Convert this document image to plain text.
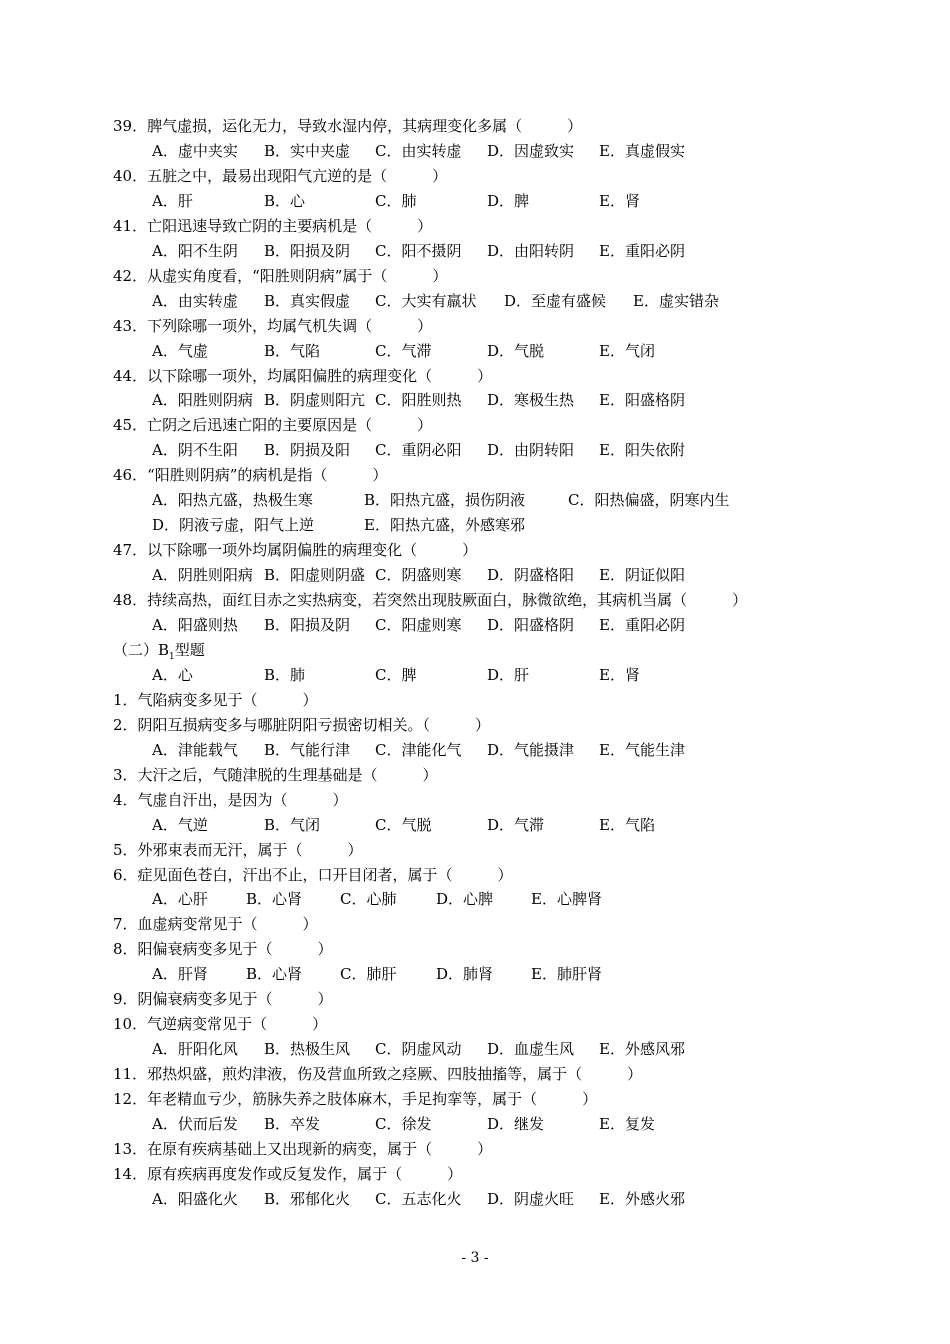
39．脾气虚损，运化无力，导致水湿内停，其病理变化多属（　　　）
A．虚中夹实 B．实中夹虚 C．由实转虚 D．因虚致实 E．真虚假实
40．五脏之中，最易出现阳气亢逆的是（　　　）
A．肝	B．心	C．肺	D．脾	E．肾
41．亡阳迅速导致亡阴的主要病机是（　　　）
A．阳不生阴 B．阳损及阴 C．阳不摄阴 D．由阳转阴 E．重阳必阴
42．从虚实角度看，“阳胜则阴病”属于（　　　）
A．由实转虚 B．真实假虚 C．大实有羸状 D．至虚有盛候 E．虚实错杂
43．下列除哪一项外，均属气机失调（　　　）
A．气虚	B．气陷	C．气滞	D．气脱	E．气闭
44．以下除哪一项外，均属阳偏胜的病理变化（　　　）
A．阳胜则阴病 B．阴虚则阳亢 C．阳胜则热 D．寒极生热 E．阳盛格阴
45．亡阴之后迅速亡阳的主要原因是（　　　）
A．阴不生阳 B．阴损及阳 C．重阴必阳 D．由阴转阳 E．阳失依附
46．“阳胜则阴病”的病机是指（　　　）
A．阳热亢盛，热极生寒	B．阳热亢盛，损伤阴液	C．阳热偏盛，阴寒内生
D．阴液亏虚，阳气上逆	E．阳热亢盛，外感寒邪
47．以下除哪一项外均属阴偏胜的病理变化（　　　）
A．阴胜则阳病 B．阳虚则阴盛 C．阴盛则寒 D．阴盛格阳 E．阴证似阳
48．持续高热，面红目赤之实热病变，若突然出现肢厥面白，脉微欲绝，其病机当属（　　　）
A．阳盛则热 B．阳损及阴 C．阳虚则寒 D．阳盛格阴 E．重阳必阴
（二）$B_1$型题
A．心	B．肺	C．脾	D．肝	E．肾
1．气陷病变多见于（　　　）
2．阴阳互损病变多与哪脏阴阳亏损密切相关。（　　　）
A．津能载气 B．气能行津 C．津能化气 D．气能摄津 E．气能生津
3．大汗之后，气随津脱的生理基础是（　　　）
4．气虚自汗出，是因为（　　　）
A．气逆	B．气闭	C．气脱	D．气滞	E．气陷
5．外邪束表而无汗，属于（　　　）
6．症见面色苍白，汗出不止，口开目闭者，属于（　　　）
A．心肝	B．心肾	C．心肺	D．心脾	E．心脾肾
7．血虚病变常见于（　　　）
8．阳偏衰病变多见于（　　　）
A．肝肾	B．心肾	C．肺肝	D．肺肾	E．肺肝肾
9．阴偏衰病变多见于（　　　）
10．气逆病变常见于（　　　）
A．肝阳化风 B．热极生风 C．阴虚风动 D．血虚生风 E．外感风邪
11．邪热炽盛，煎灼津液，伤及营血所致之痉厥、四肢抽搐等，属于（　　　）
12．年老精血亏少，筋脉失养之肢体麻木，手足拘挛等，属于（　　　）
A．伏而后发 B．卒发	C．徐发	D．继发	E．复发
13．在原有疾病基础上又出现新的病变，属于（　　　）
14．原有疾病再度发作或反复发作，属于（　　　）
A．阳盛化火 B．邪郁化火 C．五志化火 D．阴虚火旺 E．外感火邪
- 3 -
